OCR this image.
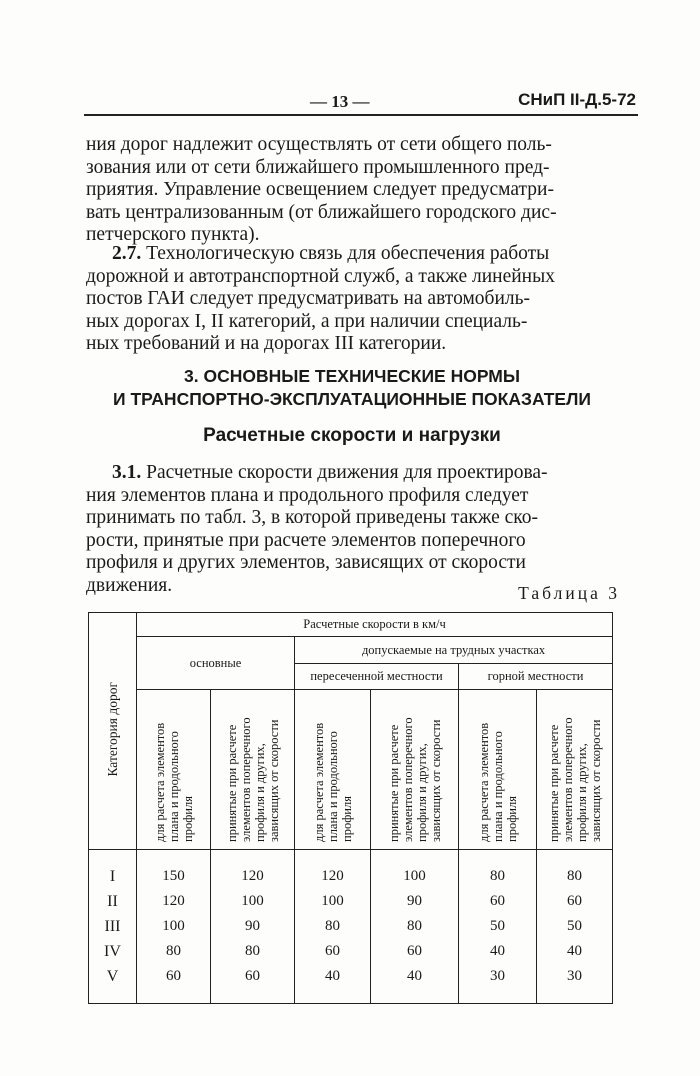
— 13 —	СНиП II-Д.5-72

ния дорог надлежит осуществлять от сети общего поль-

зования или от сети ближайшего промышленного пред-

приятия. Управление освещением следует предусматри-

вать централизованным (от ближайшего городского дис-

петчерского пункта).

2.7. Технологическую связь для обеспечения работы

дорожной и автотранспортной служб, а также линейных

постов ГАИ следует предусматривать на автомобиль-

ных дорогах I, II категорий, а при наличии специаль-

ных требований и на дорогах III категории.

3. ОСНОВНЫЕ ТЕХНИЧЕСКИЕ НОРМЫ
И ТРАНСПОРТНО-ЭКСПЛУАТАЦИОННЫЕ ПОКАЗАТЕЛИ
Расчетные скорости и нагрузки

3.1. Расчетные скорости движения для проектирова-

ния элементов плана и продольного профиля следует

принимать по табл. 3, в которой приведены также ско-

рости, принятые при расчете элементов поперечного

профиля и других элементов, зависящих от скорости

движения.	Таблица 3
Категория дорог	Расчетные скорости в км/ч					
	основные		допускаемые на трудных участках			
			пересеченной местности		горной местности	
	для расчета элементов плана и продольного профиля	принятые при расчете элементов поперечного профиля и других, зависящих от скорости	для расчета элементов плана и продольного профиля	принятые при расчете элементов поперечного профиля и других, зависящих от скорости	для расчета элементов плана и продольного профиля	принятые при расчете элементов поперечного профиля и других, зависящих от скорости

I	150	120	120	100	80	80
II	120	100	100	90	60	60
III	100	90	80	80	50	50
IV	80	80	60	60	40	40
V	60	60	40	40	30	30
